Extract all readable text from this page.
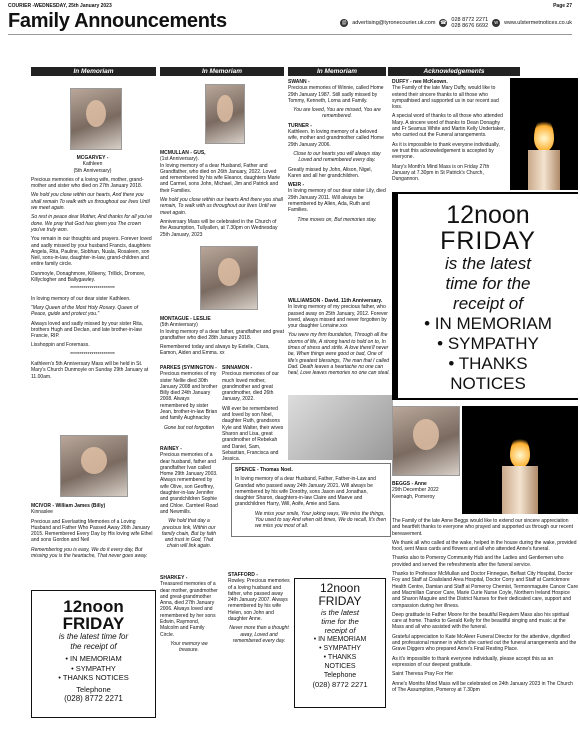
COURIER -WEDNESDAY, 25th January 2023	Page 27
Family Announcements	@ advertising@tyronecourier.uk.com ☎ 028 8772 2271
028 8676 6692	w	www.ulstermetnotices.co.uk
In Memoriam	In Memoriam	In Memoriam	Acknowledgements
MCGARVEY -
Kathleen
(5th Anniversary)

Precious memories of a loving wife, mother, grand-mother and sister who died on 27th January 2018.

We hold you close within our hearts, And there you shall remain To walk with us throughout our lives Until we meet again.

So rest in peace dear Mother, And thanks for all you've done. We pray that God has given you The crown you've truly won.

You remain in our thoughts and prayers. Forever loved and sadly missed by your husband Francis, daughters Angela, Rita, Pauline, Siobhan, Nuala, Rosaleen, son Neil, sons-in-law, daughter-in-law, grand-children and entire family circle.

Dunmoyle, Donaghmore, Killeeny, Trillick, Dromore, Killyclogher and Ballygawley.

***********************

In loving memory of our dear sister Kathleen.

"Mary Queen of the Most Holy Rosary. Queen of Peace, guide and protect you."

Always loved and sadly missed by your sister Rita, brothers Hugh and Declan, and late brother-in-law Francie, RIP.

Lisshoppin and Foremass.

***********************

Kathleen's 5th Anniversary Mass will be held in St. Mary's Church Dunmoyle on Sunday 29th January at 11.00am.

MCIVOR - William James (Billy)

Kinnaslee

Precious and Everlasting Memories of a Loving Husband and Father Who Passed Away 26th January 2015. Remembered Every Day by His loving wife Ethel and sons Gordon and Neil

Remembering you is easy, We do it every day, But missing you is the heartache, That never goes away.

12noon
FRIDAY
is the latest time for
the receipt of
• IN MEMORIAM
• SYMPATHY
• THANKS NOTICES
Telephone
(028) 8772 2271
MCMULLAN - GUS,
(1st Anniversary).

In loving memory of a dear Husband, Father and Grandfather, who died on 26th January, 2022. Loved and remembered by his wife Eleanor, daughters Marie and Carmel, sons John, Michael, Jim and Patrick and their Families.

We hold you close within our hearts And there you shall remain, To walk with us throughout our lives Until we meet again.

Anniversary Mass will be celebrated in the Church of the Assumption, Tullyallen, at 7.30pm on Wednesday 25th January, 2023

MONTAGUE - LESLIE
(5th Anniversary)

In loving memory of a dear father, grandfather and great grandfather who died 28th January 2018.

Remembered today and always by Estelle, Ciara, Eamon, Aiden and Emma. xx

PARKES (SYMINGTON -

Precious memories of my sister Nellie died 30th January 2008 and brother Billy died 24th January 2008. Always remembered by sister Jean, brother-in-law Brian and family Aughnacloy

Gone but not forgotten

RAINEY -

Precious memories of a dear husband, father and grandfather Ivan called Home 29th January 2003. Always remembered by wife Olive, son Geoffrey, daughter-in-law Jennifer and grandchildren Sophie and Chloe. Carnteel Road and Newmills.

We hold that day a precious link, Within our family chain, But by faith and trust in God, That chain will link again.

SHARKEY -

Treasured memories of a dear mother, grandmother and great-grandmother Anna, died 27th January 2006. Always loved and remembered by her sons Edwin, Raymond, Malcolm and Family Circle.

Your memory we treasure.

SINNAMON -

Precious memories of our much loved mother, grandmother and great grandmother, died 26th January, 2022.

Will ever be remembered and loved by son Noel, daughter Ruth, grandsons Kyle and Walter, their wives Sharon and Lisa, great grandmother of Rebekah and Daniel, Sam, Sebastian, Francisca and Jessica.

SWANN -

Precious memories of Winnie, called Home 29th January 1987. Still sadly missed by Tommy, Kenneth, Lorna and Family.

You are loved, You are missed, You are remembered.

TURNER -

Kathleen. In loving memory of a beloved wife, mother and grandmother called Home 29th January 2006.

Close to our hearts you will always stay Loved and remembered every day.

Greatly missed by John, Alison, Nigel, Karen and all her grandchildren.

WEIR -

In loving memory of our dear sister Lily, died 29th January 2011. Will always be remembered by Allen, Ada, Ruth and Families.

Time moves on, But memories stay.

WILLIAMSON - David. 11th Anniversary.

In loving memory of my precious father, who passed away on 25th January, 2012. Forever loved, always missed and never forgotten by your daughter Lorraine.xxx

You were my firm foundation, Through all the storms of life, A strong hand to hold on to, In times of stress and strife. A love there'll never be, When things were good or bad, One of life's greatest blessings, The man that I called Dad. Death leaves a heartache no one can heal, Love leaves memories no one can steal.

SPENCE - Thomas Noel.

In loving memory of a dear Husband, Father, Father-in-Law and Grandad who passed away 24th January 2021. Will always be remembered by his wife Dorothy, sons Jason and Jonathan, daughter Sharon, daughters-in-law Claire and Maeve and grandchildren Harry, Will, Aoife, Amie and Sara.

We miss your smile, Your joking ways, We miss the things, You used to say And when old times, We do recall, It's then we miss you most of all.

STAFFORD -

Rowley. Precious memories of a loving husband and father, who passed away 24th January 2007. Always remembered by his wife Helen, son John and daughter Anne.

Never more than a thought away, Loved and remembered every day.

12noon
FRIDAY
is the latest
time for the
receipt of
• IN MEMORIAM
• SYMPATHY
• THANKS
NOTICES
Telephone
(028) 8772 2271
DUFFY - nee McKeown.

The Family of the late Mary Duffy, would like to extend their sincere thanks to all those who sympathised and supported us in our recent sad loss.

A special word of thanks to all those who attended Mary. A sincere word of thanks to Dean Donaghy and Fr Seamus White and Martin Kelly Undertaker, who carried out the Funeral arrangements.

As it is impossible to thank everyone individually, we trust this acknowledgement is accepted by everyone.

Mary's Month's Mind Mass is on Friday 27th January at 7.30pm in St Patrick's Church, Dungannon.

12noon
FRIDAY
is the latest
time for the
receipt of
• IN MEMORIAM
• SYMPATHY
• THANKS
NOTICES
BEGGS - Anne
29th December 2022
Keenagh, Pomeroy

The Family of the late Anne Beggs would like to extend our sincere appreciation and heartfelt thanks to everyone who prayed and supported us through our recent bereavement.

We thank all who called at the wake, helped in the house during the wake, provided food, sent Mass cards and flowers and all who attended Anne's funeral.

Thanks also to Pomeroy Community Hub and the Ladies and Gentlemen who provided and served the refreshments after the funeral service.

Thanks to Professor McMullan and Doctor Finnegan, Belfast City Hospital, Doctor Foy and Staff at Coalisland Area Hospital, Doctor Corry and Staff at Carrickmore Health Centre, Damian and Staff at Pomeroy Chemist, Termonmaguire Cancer Care and Macmillan Cancer Care, Marie Curie Nurse Coyle, Northern Ireland Hospice and Sharon Maguire and the District Nurses for their dedicated care, support and compassion during her illness.

Deep gratitude to Father Moore for the beautiful Requiem Mass also his spiritual care at home. Thanks to Gerald Kelly for the beautiful singing and music at the Mass and all who assisted with the funeral.

Grateful appreciation to Kate McAleer Funeral Director for the attentive, dignified and professional manner in which she carried out the funeral arrangements and the Grave Diggers who prepared Anne's Final Resting Place.

As it's impossible to thank everyone individually, please accept this as an expression of our deepest gratitude.

Saint Theresa Pray For Her

Anne's Months Mind Mass will be celebrated on 24th January 2023 in The Church of The Assumption, Pomeroy at 7.30pm
